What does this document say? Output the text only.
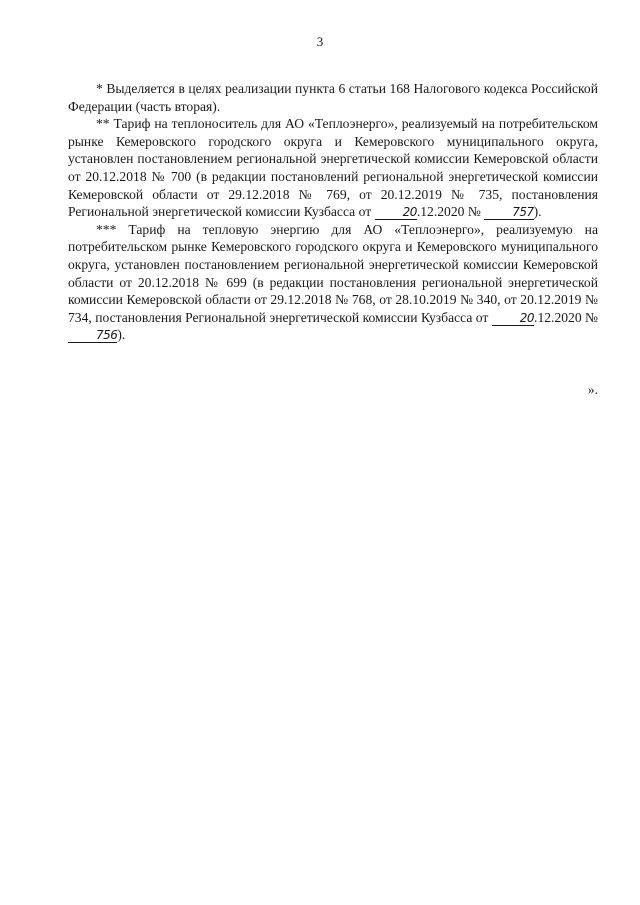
3

* Выделяется в целях реализации пункта 6 статьи 168 Налогового кодекса Российской Федерации (часть вторая).

** Тариф на теплоноситель для АО «Теплоэнерго», реализуемый на потребительском рынке Кемеровского городского округа и Кемеровского муниципального округа, установлен постановлением региональной энергетической комиссии Кемеровской области от 20.12.2018 № 700 (в редакции постановлений региональной энергетической комиссии Кемеровской области от 29.12.2018 № 769, от 20.12.2019 № 735, постановления Региональной энергетической комиссии Кузбасса от 20.12.2020 № 757).

*** Тариф на тепловую энергию для АО «Теплоэнерго», реализуемую на потребительском рынке Кемеровского городского округа и Кемеровского муниципального округа, установлен постановлением региональной энергетической комиссии Кемеровской области от 20.12.2018 № 699 (в редакции постановления региональной энергетической комиссии Кемеровской области от 29.12.2018 № 768, от 28.10.2019 № 340, от 20.12.2019 № 734, постановления Региональной энергетической комиссии Кузбасса от 20.12.2020 № 756).

».
